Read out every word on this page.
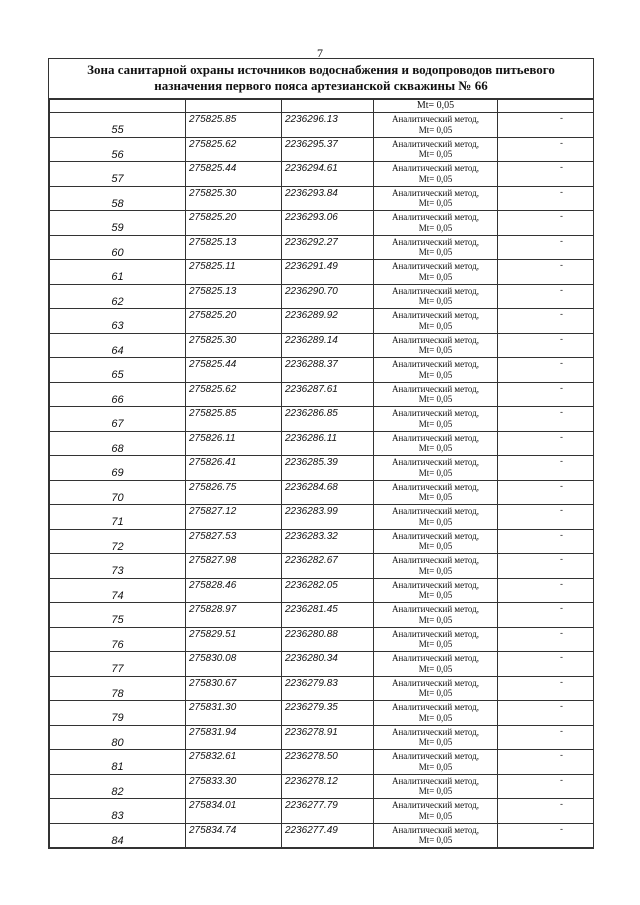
7
Зона санитарной охраны источников водоснабжения и водопроводов питьевого назначения первого пояса артезианской скважины № 66

			Mt= 0,05	

55	275825.85	2236296.13	Аналитический метод,
Mt= 0,05	-

56	275825.62	2236295.37	Аналитический метод,
Mt= 0,05	-

57	275825.44	2236294.61	Аналитический метод,
Mt= 0,05	-

58	275825.30	2236293.84	Аналитический метод,
Mt= 0,05	-

59	275825.20	2236293.06	Аналитический метод,
Mt= 0,05	-

60	275825.13	2236292.27	Аналитический метод,
Mt= 0,05	-

61	275825.11	2236291.49	Аналитический метод,
Mt= 0,05	-

62	275825.13	2236290.70	Аналитический метод,
Mt= 0,05	-

63	275825.20	2236289.92	Аналитический метод,
Mt= 0,05	-

64	275825.30	2236289.14	Аналитический метод,
Mt= 0,05	-

65	275825.44	2236288.37	Аналитический метод,
Mt= 0,05	-

66	275825.62	2236287.61	Аналитический метод,
Mt= 0,05	-

67	275825.85	2236286.85	Аналитический метод,
Mt= 0,05	-

68	275826.11	2236286.11	Аналитический метод,
Mt= 0,05	-

69	275826.41	2236285.39	Аналитический метод,
Mt= 0,05	-

70	275826.75	2236284.68	Аналитический метод,
Mt= 0,05	-

71	275827.12	2236283.99	Аналитический метод,
Mt= 0,05	-

72	275827.53	2236283.32	Аналитический метод,
Mt= 0,05	-

73	275827.98	2236282.67	Аналитический метод,
Mt= 0,05	-

74	275828.46	2236282.05	Аналитический метод,
Mt= 0,05	-

75	275828.97	2236281.45	Аналитический метод,
Mt= 0,05	-

76	275829.51	2236280.88	Аналитический метод,
Mt= 0,05	-

77	275830.08	2236280.34	Аналитический метод,
Mt= 0,05	-

78	275830.67	2236279.83	Аналитический метод,
Mt= 0,05	-

79	275831.30	2236279.35	Аналитический метод,
Mt= 0,05	-

80	275831.94	2236278.91	Аналитический метод,
Mt= 0,05	-

81	275832.61	2236278.50	Аналитический метод,
Mt= 0,05	-

82	275833.30	2236278.12	Аналитический метод,
Mt= 0,05	-

83	275834.01	2236277.79	Аналитический метод,
Mt= 0,05	-

84	275834.74	2236277.49	Аналитический метод,
Mt= 0,05	-
